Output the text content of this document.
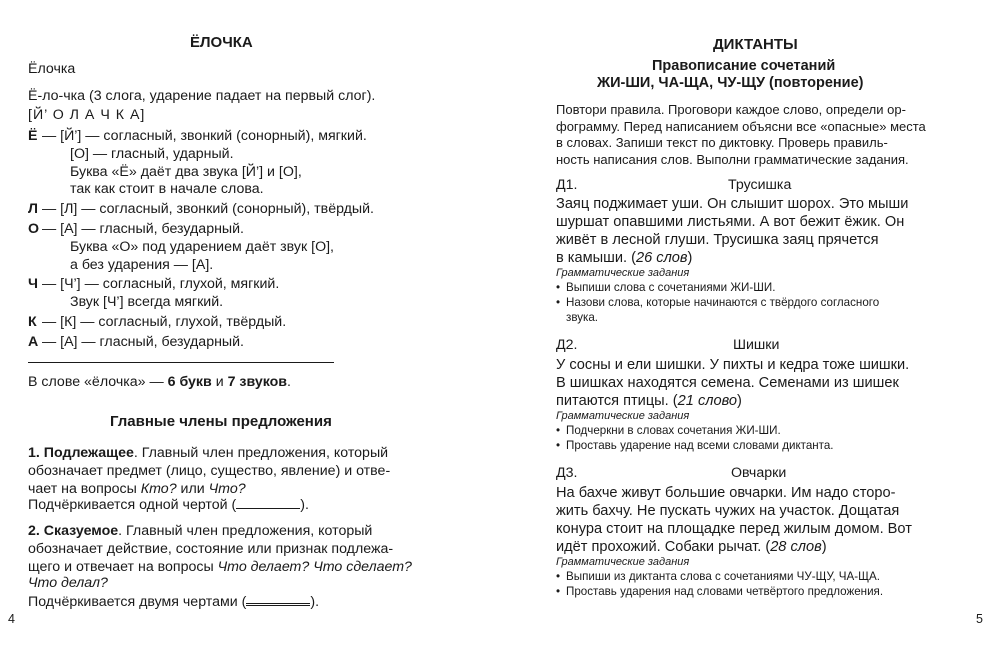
ЁЛОЧКА
Ёлочка
Ё-ло-чка (3 слога, ударение падает на первый слог).
[Й’ О Л А Ч К А]
Ё — [Й’] — согласный, звонкий (сонорный), мягкий.
[О] — гласный, ударный.
Буква «Ё» даёт два звука [Й’] и [О],
так как стоит в начале слова.
Л — [Л] — согласный, звонкий (сонорный), твёрдый.
О — [А] — гласный, безударный.
Буква «О» под ударением даёт звук [О],
а без ударения — [А].
Ч — [Ч’] — согласный, глухой, мягкий.
Звук [Ч’] всегда мягкий.
К — [К] — согласный, глухой, твёрдый.
А — [А] — гласный, безударный.
В слове «ёлочка» — 6 букв и 7 звуков.
Главные члены предложения
1. Подлежащее. Главный член предложения, который
обозначает предмет (лицо, существо, явление) и отве-
чает на вопросы Кто? или Что?
Подчёркивается одной чертой (	).
2. Сказуемое. Главный член предложения, который
обозначает действие, состояние или признак подлежа-
щего и отвечает на вопросы Что делает? Что сделает?
Что делал?
Подчёркивается двумя чертами (	).
4
ДИКТАНТЫ
Правописание сочетаний
ЖИ-ШИ, ЧА-ЩА, ЧУ-ЩУ (повторение)
Повтори правила. Проговори каждое слово, определи ор-
фограмму. Перед написанием объясни все «опасные» места
в словах. Запиши текст по диктовку. Проверь правиль-
ность написания слов. Выполни грамматические задания.
Д1.	Трусишка
Заяц поджимает уши. Он слышит шорох. Это мыши
шуршат опавшими листьями. А вот бежит ёжик. Он
живёт в лесной глуши. Трусишка заяц прячется
в камыши. (26 слов)
Грамматические задания
• Выпиши слова с сочетаниями ЖИ-ШИ.
• Назови слова, которые начинаются с твёрдого согласного
звука.
Д2.	Шишки
У сосны и ели шишки. У пихты и кедра тоже шишки.
В шишках находятся семена. Семенами из шишек
питаются птицы. (21 слово)
Грамматические задания
• Подчеркни в словах сочетания ЖИ-ШИ.
• Проставь ударение над всеми словами диктанта.
Д3.	Овчарки
На бахче живут большие овчарки. Им надо сторо-
жить бахчу. Не пускать чужих на участок. Дощатая
конура стоит на площадке перед жилым домом. Вот
идёт прохожий. Собаки рычат. (28 слов)
Грамматические задания
• Выпиши из диктанта слова с сочетаниями ЧУ-ЩУ, ЧА-ЩА.
• Проставь ударения над словами четвёртого предложения.
5
